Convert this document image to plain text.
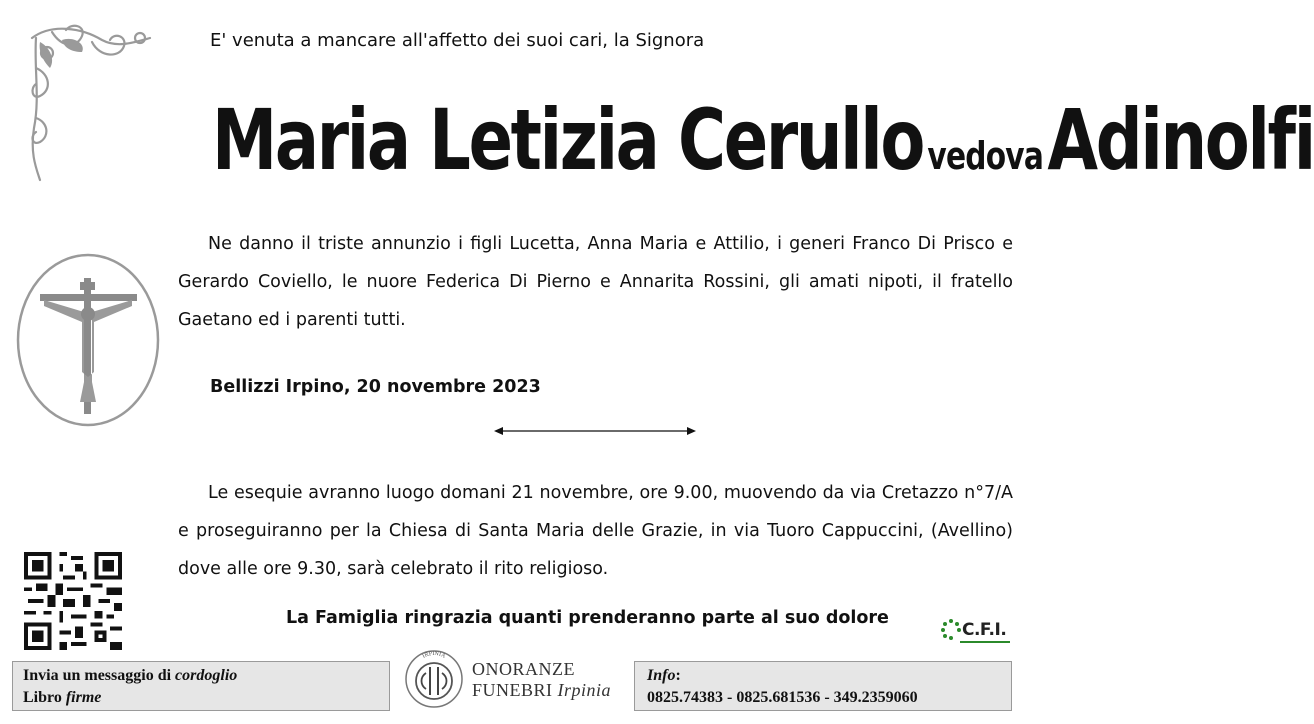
E' venuta a mancare all'affetto dei suoi cari, la Signora
Maria Letizia Cerullo vedova Adinolfi
Ne danno il triste annunzio i figli Lucetta, Anna Maria e Attilio, i generi Franco Di Prisco e Gerardo Coviello, le nuore Federica Di Pierno e Annarita Rossini, gli amati nipoti, il fratello Gaetano ed i parenti tutti.
Bellizzi Irpino, 20 novembre 2023
Le esequie avranno luogo domani 21 novembre, ore 9.00, muovendo da via Cretazzo n°7/A e proseguiranno per la Chiesa di Santa Maria delle Grazie, in via Tuoro Cappuccini, (Avellino) dove alle ore 9.30, sarà celebrato il rito religioso.
La Famiglia ringrazia quanti prenderanno parte al suo dolore
C.F.I.
Invia un messaggio di cordoglio
Libro firme
IRPINIA
ONORANZE
FUNEBRI Irpinia
Info:
0825.74383 - 0825.681536 - 349.2359060
